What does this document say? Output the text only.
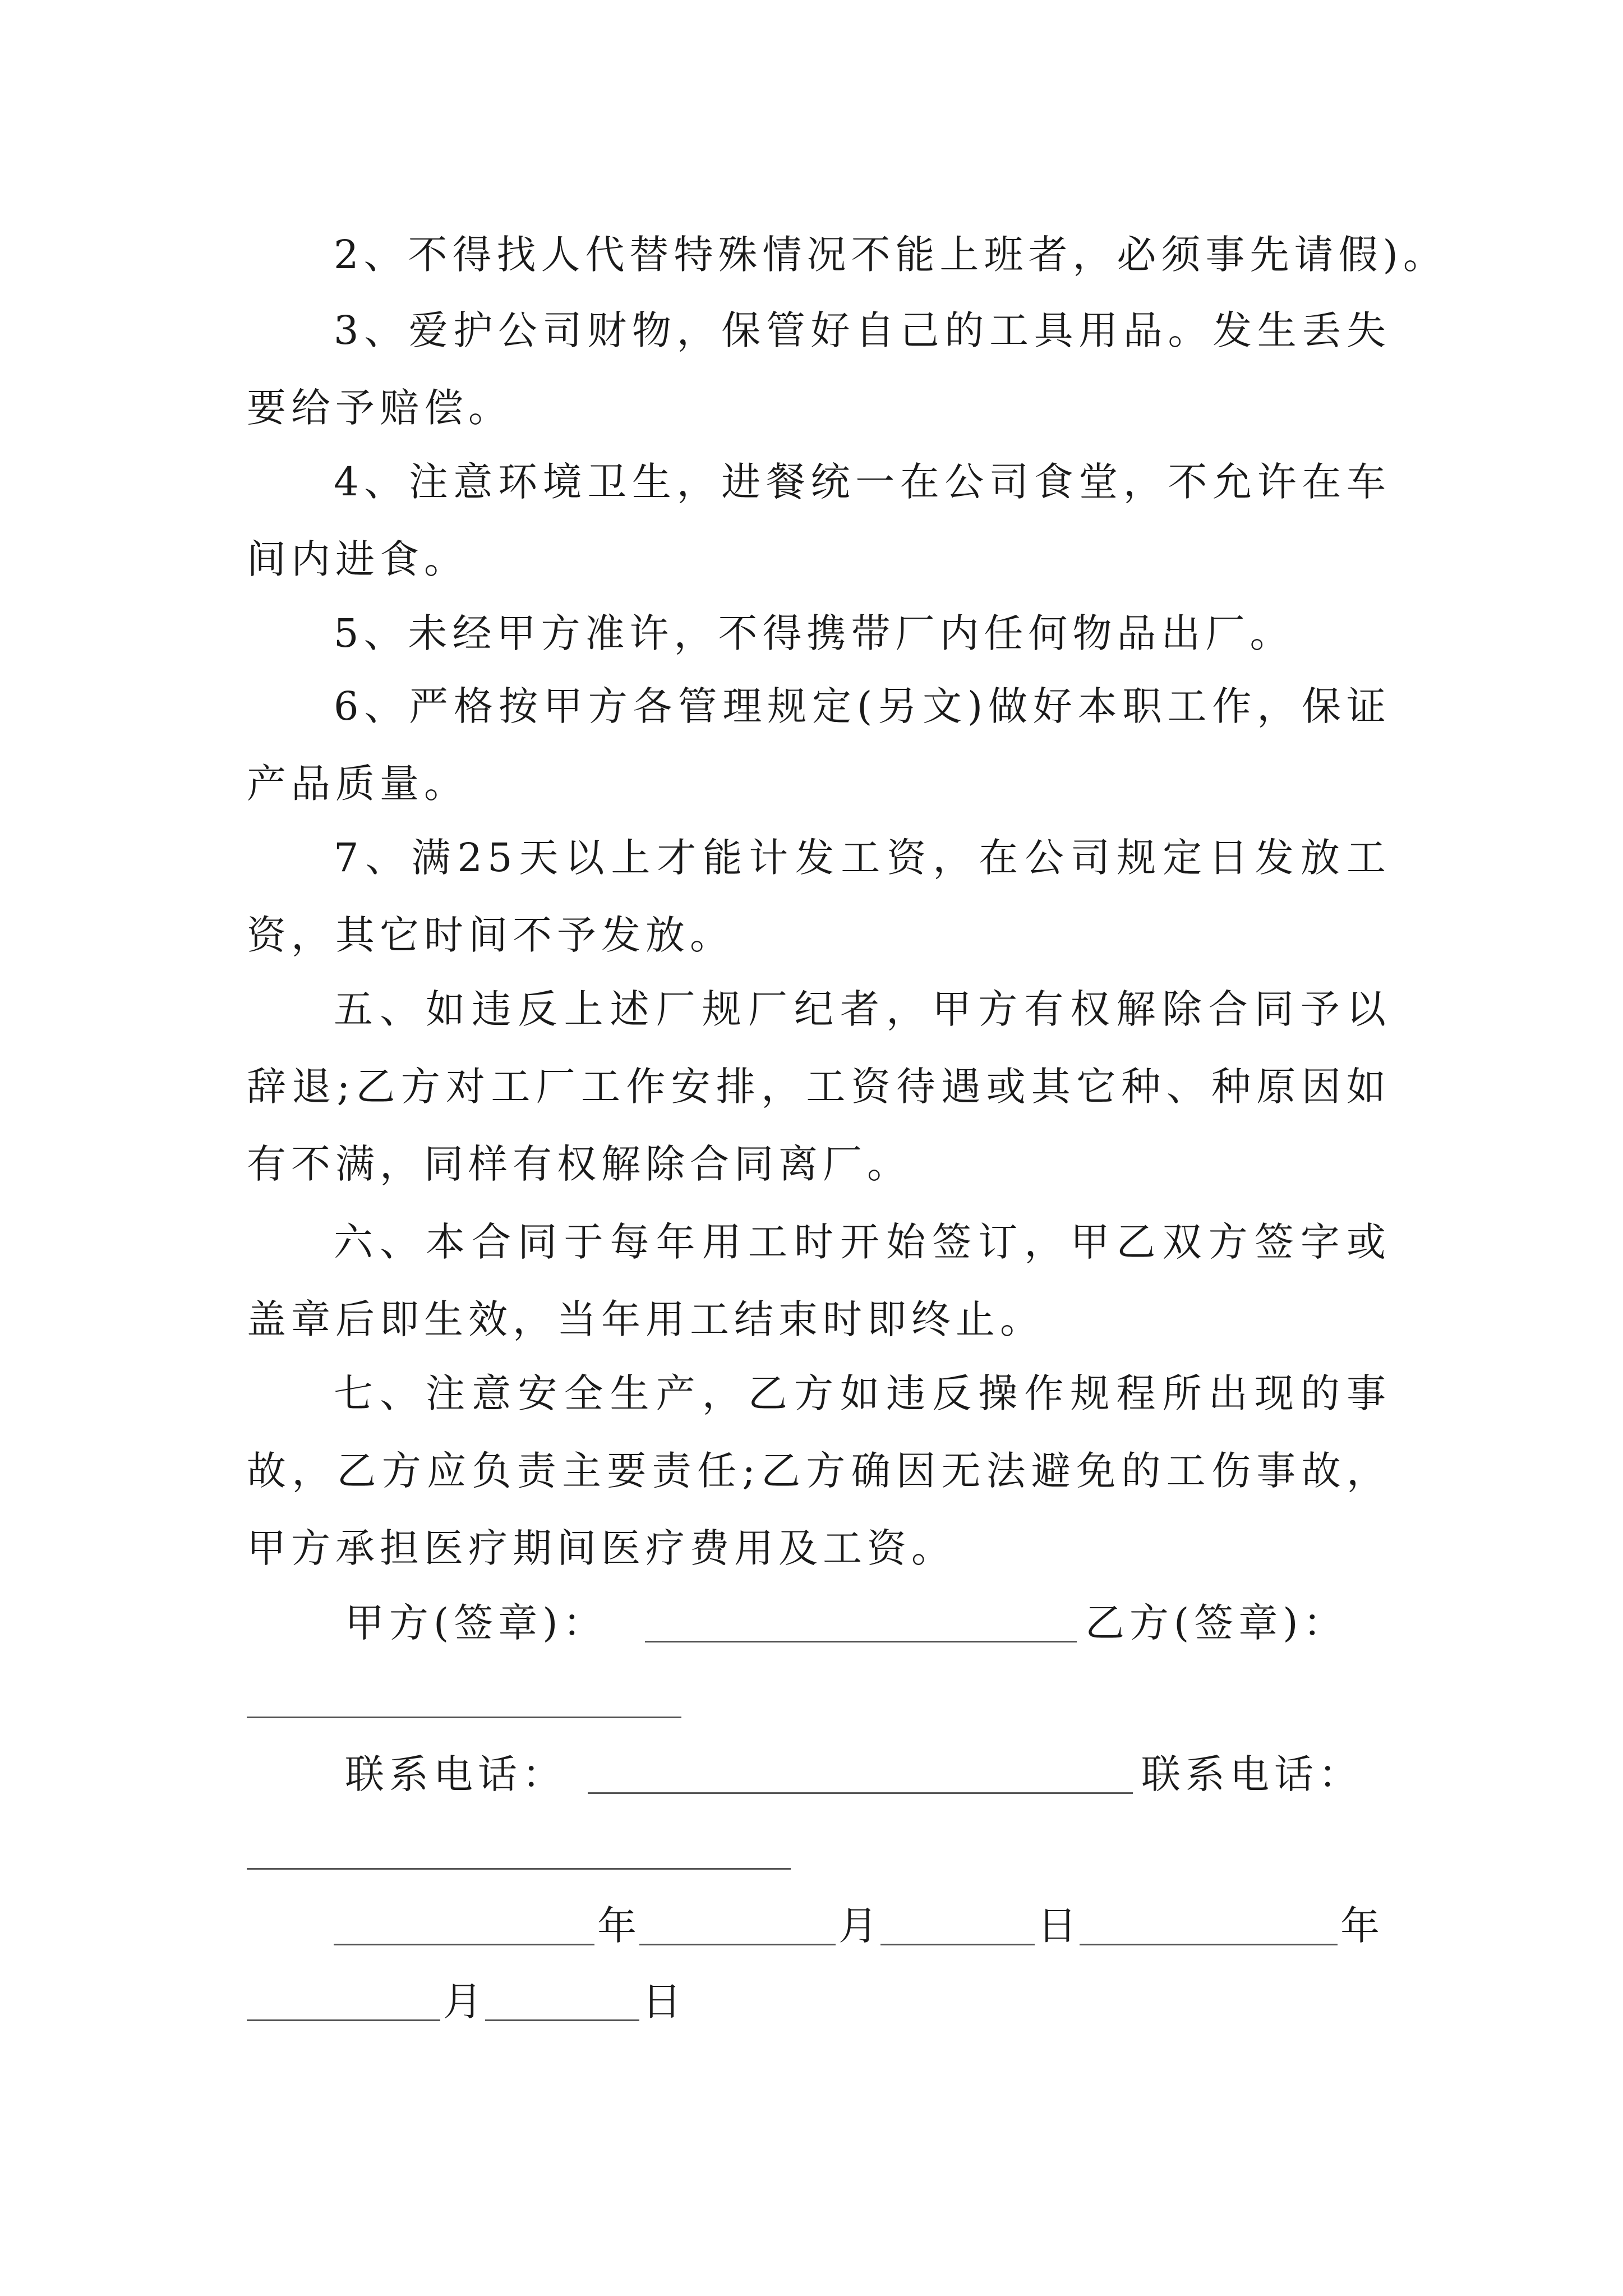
2、不得找人代替特殊情况不能上班者，必须事先请假)。

3、爱护公司财物，保管好自己的工具用品。发生丢失要给予赔偿。

4、注意环境卫生，进餐统一在公司食堂，不允许在车间内进食。

5、未经甲方准许，不得携带厂内任何物品出厂。

6、严格按甲方各管理规定(另文)做好本职工作，保证产品质量。

7、满25天以上才能计发工资，在公司规定日发放工资，其它时间不予发放。

五、如违反上述厂规厂纪者，甲方有权解除合同予以辞退;乙方对工厂工作安排，工资待遇或其它种、种原因如有不满，同样有权解除合同离厂。

六、本合同于每年用工时开始签订，甲乙双方签字或盖章后即生效，当年用工结束时即终止。

七、注意安全生产，乙方如违反操作规程所出现的事故，乙方应负责主要责任;乙方确因无法避免的工伤事故，甲方承担医疗期间医疗费用及工资。

甲方(签章)：	乙方(签章)：
联系电话：	联系电话：
年	月	日	年
月	日
